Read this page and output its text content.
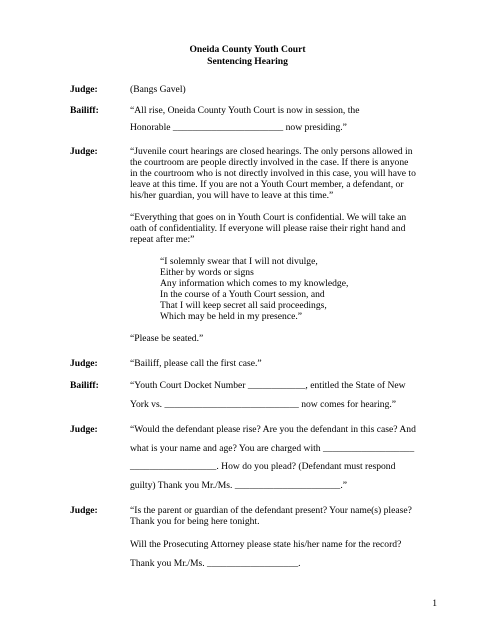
Oneida County Youth Court
Sentencing Hearing
Judge:	(Bangs Gavel)
Bailiff:	“All rise, Oneida County Youth Court is now in session, the
Honorable _______________________ now presiding.”
Judge:	“Juvenile court hearings are closed hearings. The only persons allowed in
the courtroom are people directly involved in the case. If there is anyone
in the courtroom who is not directly involved in this case, you will have to
leave at this time. If you are not a Youth Court member, a defendant, or
his/her guardian, you will have to leave at this time.”
“Everything that goes on in Youth Court is confidential. We will take an
oath of confidentiality. If everyone will please raise their right hand and
repeat after me:”
“I solemnly swear that I will not divulge,
Either by words or signs
Any information which comes to my knowledge,
In the course of a Youth Court session, and
That I will keep secret all said proceedings,
Which may be held in my presence.”
“Please be seated.”
Judge:	“Bailiff, please call the first case.”
Bailiff:	“Youth Court Docket Number ____________, entitled the State of New
York vs. ____________________________ now comes for hearing.”
Judge:	“Would the defendant please rise? Are you the defendant in this case? And
what is your name and age? You are charged with ___________________
__________________. How do you plead? (Defendant must respond
guilty) Thank you Mr./Ms. ______________________.”
Judge:	“Is the parent or guardian of the defendant present? Your name(s) please?
Thank you for being here tonight.
Will the Prosecuting Attorney please state his/her name for the record?
Thank you Mr./Ms. ___________________.
1
